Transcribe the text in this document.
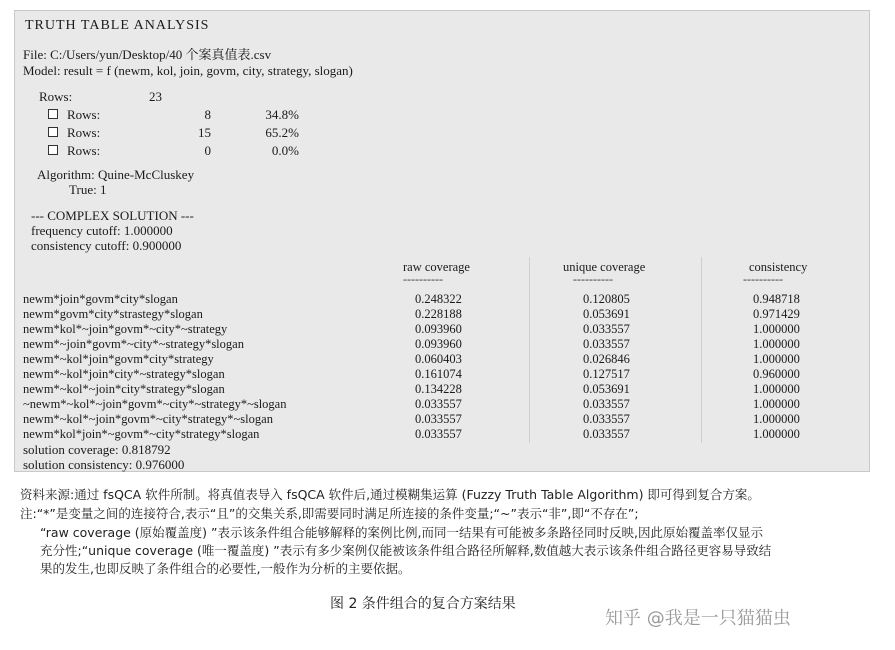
TRUTH TABLE ANALYSIS
File: C:/Users/yun/Desktop/40 个案真值表.csv
Model: result = f (newm, kol, join, govm, city, strategy, slogan)
Rows:	23
Rows:	8	34.8%
Rows:	15	65.2%
Rows:	0	0.0%
Algorithm: Quine-McCluskey
True: 1
--- COMPLEX SOLUTION ---
frequency cutoff: 1.000000
consistency cutoff: 0.900000
raw coverage	unique coverage	consistency
----------	----------	----------
newm*join*govm*city*slogan	0.248322	0.120805	0.948718
newm*govm*city*strastegy*slogan	0.228188	0.053691	0.971429
newm*kol*~join*govm*~city*~strategy	0.093960	0.033557	1.000000
newm*~join*govm*~city*~strategy*slogan	0.093960	0.033557	1.000000
newm*~kol*join*govm*city*strategy	0.060403	0.026846	1.000000
newm*~kol*join*city*~strategy*slogan	0.161074	0.127517	0.960000
newm*~kol*~join*city*strategy*slogan	0.134228	0.053691	1.000000
~newm*~kol*~join*govm*~city*~strategy*~slogan	0.033557	0.033557	1.000000
newm*~kol*~join*govm*~city*strategy*~slogan	0.033557	0.033557	1.000000
newm*kol*join*~govm*~city*strategy*slogan	0.033557	0.033557	1.000000
solution coverage: 0.818792
solution consistency: 0.976000
资料来源:通过 fsQCA 软件所制。将真值表导入 fsQCA 软件后,通过模糊集运算 (Fuzzy Truth Table Algorithm) 即可得到复合方案。
注:“*”是变量之间的连接符合,表示“且”的交集关系,即需要同时满足所连接的条件变量;“~”表示“非”,即“不存在”;
“raw coverage (原始覆盖度) ”表示该条件组合能够解释的案例比例,而同一结果有可能被多条路径同时反映,因此原始覆盖率仅显示
充分性;“unique coverage (唯一覆盖度) ”表示有多少案例仅能被该条件组合路径所解释,数值越大表示该条件组合路径更容易导致结
果的发生,也即反映了条件组合的必要性,一般作为分析的主要依据。
图 2 条件组合的复合方案结果
知乎 @我是一只猫猫虫
